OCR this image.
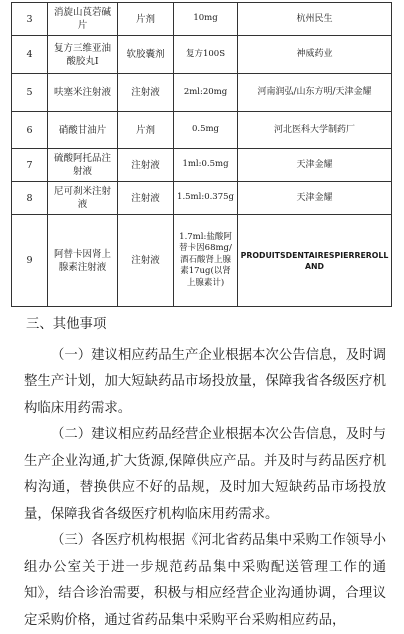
3	消旋山莨菪碱片	片剂	10mg	杭州民生
4	复方三维亚油酸胶丸Ⅰ	软胶囊剂	复方100S	神威药业
5	呋塞米注射液	注射液	2ml:20mg	河南润弘/山东方明/天津金耀
6	硝酸甘油片	片剂	0.5mg	河北医科大学制药厂
7	硫酸阿托品注射液	注射液	1ml:0.5mg	天津金耀
8	尼可刹米注射液	注射液	1.5ml:0.375g	天津金耀
9	阿替卡因肾上腺素注射液	注射液	1.7ml:盐酸阿替卡因68mg/酒石酸肾上腺素17ug(以肾上腺素计)	PRODUITSDENTAIRESPIERREROLLAND

三、其他事项

（一）建议相应药品生产企业根据本次公告信息，及时调整生产计划，加大短缺药品市场投放量，保障我省各级医疗机构临床用药需求。

（二）建议相应药品经营企业根据本次公告信息，及时与生产企业沟通,扩大货源,保障供应产品。并及时与药品医疗机构沟通，替换供应不好的品规，及时加大短缺药品市场投放量，保障我省各级医疗机构临床用药需求。

（三）各医疗机构根据《河北省药品集中采购工作领导小组办公室关于进一步规范药品集中采购配送管理工作的通知》，结合诊治需要，积极与相应经营企业沟通协调，合理议定采购价格，通过省药品集中采购平台采购相应药品，
